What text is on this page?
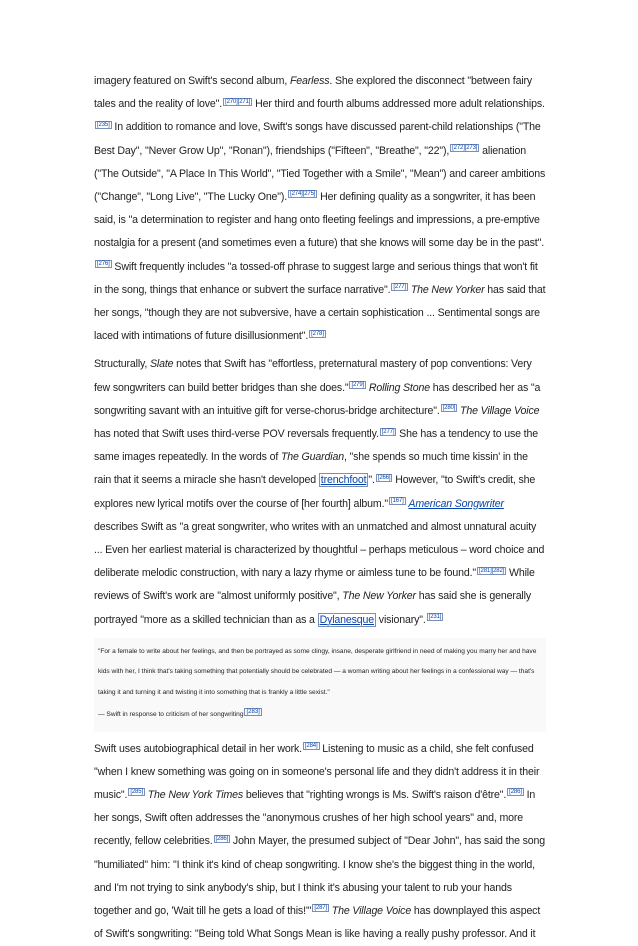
imagery featured on Swift's second album, Fearless. She explored the disconnect "between fairy tales and the reality of love". [270][271] Her third and fourth albums addressed more adult relationships.[235] In addition to romance and love, Swift's songs have discussed parent-child relationships ("The Best Day", "Never Grow Up", "Ronan"), friendships ("Fifteen", "Breathe", "22"), [272][273] alienation ("The Outside", "A Place In This World", "Tied Together with a Smile", "Mean") and career ambitions ("Change", "Long Live", "The Lucky One"). [274][275] Her defining quality as a songwriter, it has been said, is "a determination to register and hang onto fleeting feelings and impressions, a pre-emptive nostalgia for a present (and sometimes even a future) that she knows will some day be in the past".[276] Swift frequently includes "a tossed-off phrase to suggest large and serious things that won't fit in the song, things that enhance or subvert the surface narrative". [277] The New Yorker has said that her songs, "though they are not subversive, have a certain sophistication ... Sentimental songs are laced with intimations of future disillusionment". [278]

Structurally, Slate notes that Swift has "effortless, preternatural mastery of pop conventions: Very few songwriters can build better bridges than she does." [279] Rolling Stone has described her as "a songwriting savant with an intuitive gift for verse-chorus-bridge architecture". [280] The Village Voice has noted that Swift uses third-verse POV reversals frequently. [277] She has a tendency to use the same images repeatedly. In the words of The Guardian, "she spends so much time kissin' in the rain that it seems a miracle she hasn't developed trenchfoot ". [266] However, "to Swift's credit, she explores new lyrical motifs over the course of [her fourth] album." [167] American Songwriter describes Swift as "a great songwriter, who writes with an unmatched and almost unnatural acuity ... Even her earliest material is characterized by thoughtful – perhaps meticulous – word choice and deliberate melodic construction, with nary a lazy rhyme or aimless tune to be found." [281][282] While reviews of Swift's work are "almost uniformly positive", The New Yorker has said she is generally portrayed "more as a skilled technician than as a Dylanesque visionary". [231]

"For a female to write about her feelings, and then be portrayed as some clingy, insane, desperate girlfriend in need of making you marry her and have kids with her, I think that's taking something that potentially should be celebrated — a woman writing about her feelings in a confessional way — that's taking it and turning it and twisting it into something that is frankly a little sexist."

— Swift in response to criticism of her songwriting [283]

Swift uses autobiographical detail in her work. [284] Listening to music as a child, she felt confused "when I knew something was going on in someone's personal life and they didn't address it in their music". [285] The New York Times believes that "righting wrongs is Ms. Swift's raison d'être". [286] In her songs, Swift often addresses the "anonymous crushes of her high school years" and, more recently, fellow celebrities. [286] John Mayer, the presumed subject of "Dear John", has said the song "humiliated" him: "I think it's kind of cheap songwriting. I know she's the biggest thing in the world, and I'm not trying to sink anybody's ship, but I think it's abusing your talent to rub your hands together and go, 'Wait till he gets a load of this!'" [287] The Village Voice has downplayed this aspect of Swift's songwriting: "Being told What Songs Mean is like having a really pushy professor. And it
